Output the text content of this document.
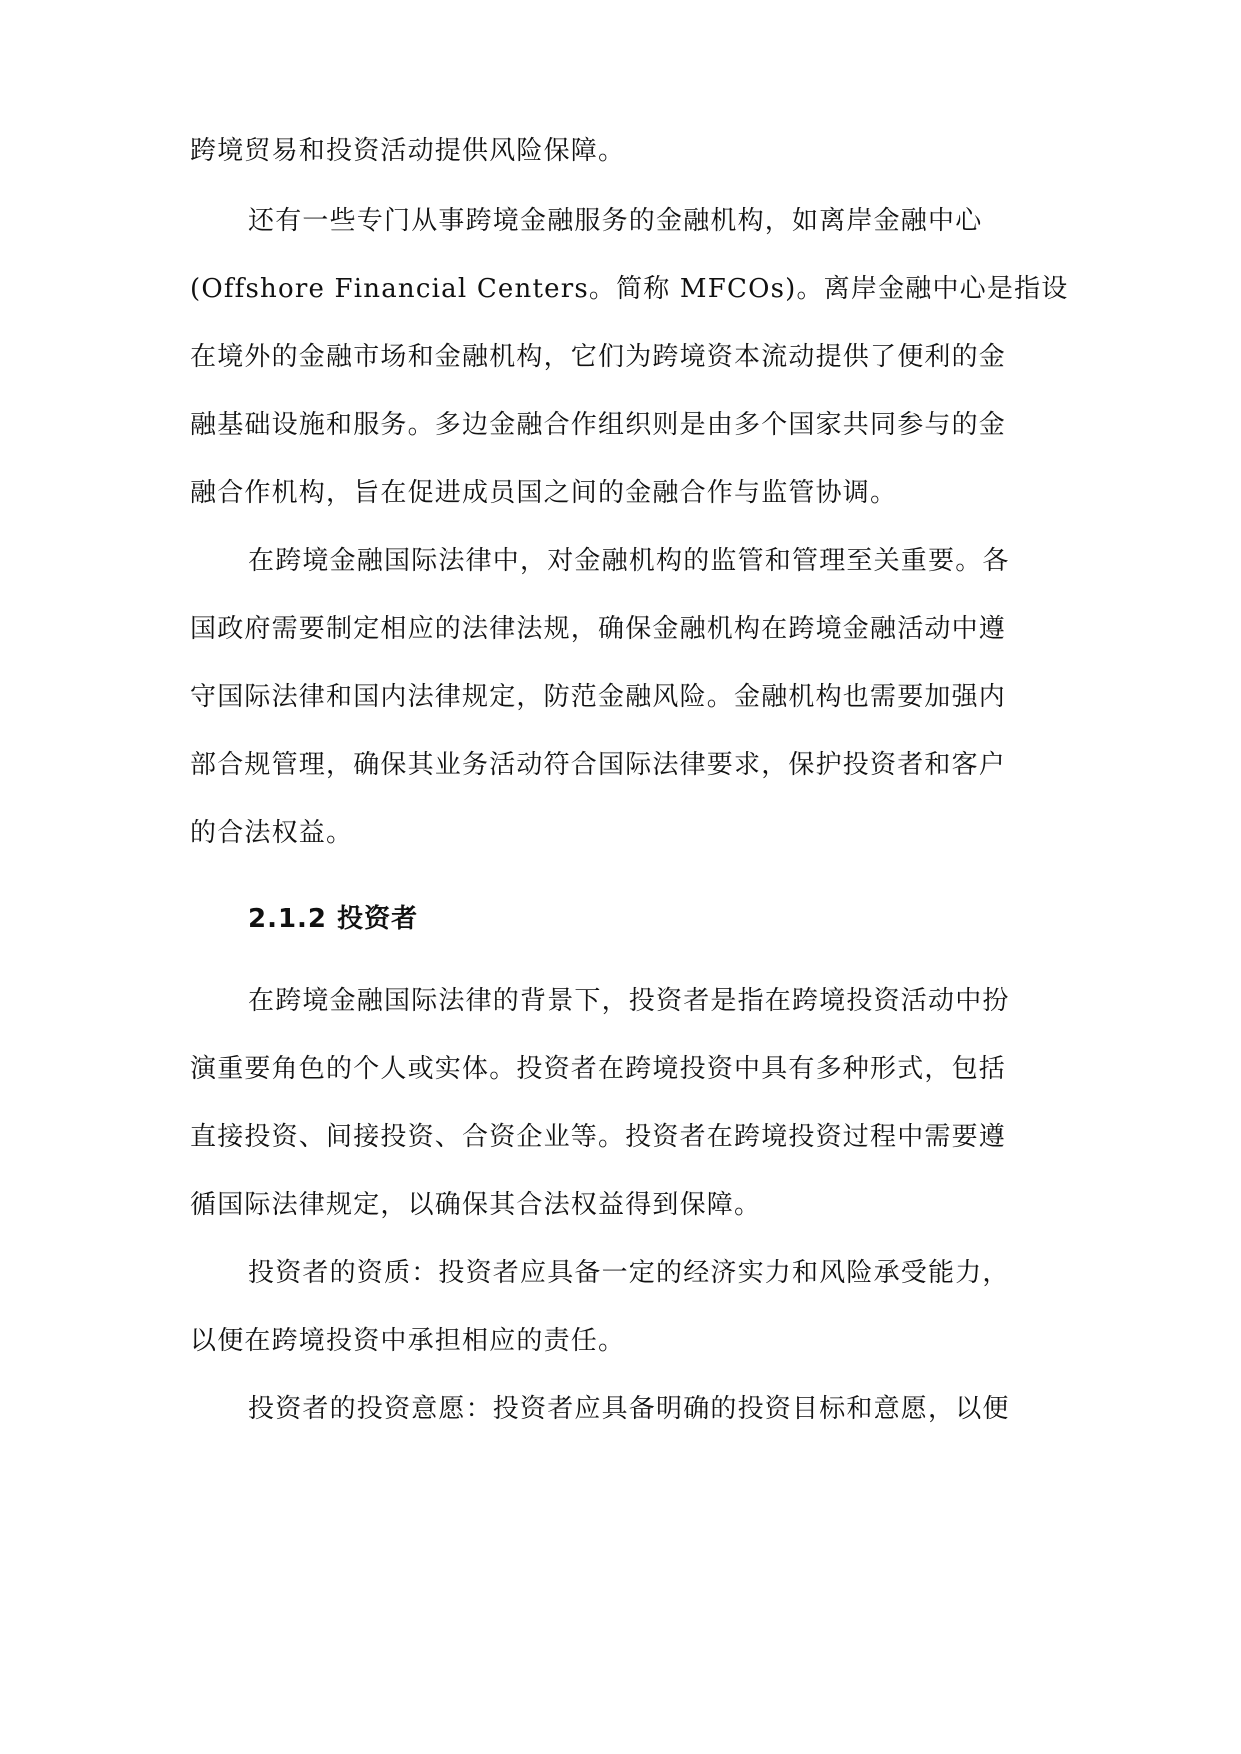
跨境贸易和投资活动提供风险保障。
还有一些专门从事跨境金融服务的金融机构，如离岸金融中心
(Offshore Financial Centers。简称 MFCOs)。离岸金融中心是指设
在境外的金融市场和金融机构，它们为跨境资本流动提供了便利的金
融基础设施和服务。多边金融合作组织则是由多个国家共同参与的金
融合作机构，旨在促进成员国之间的金融合作与监管协调。
在跨境金融国际法律中，对金融机构的监管和管理至关重要。各
国政府需要制定相应的法律法规，确保金融机构在跨境金融活动中遵
守国际法律和国内法律规定，防范金融风险。金融机构也需要加强内
部合规管理，确保其业务活动符合国际法律要求，保护投资者和客户
的合法权益。
2.1.2 投资者
在跨境金融国际法律的背景下，投资者是指在跨境投资活动中扮
演重要角色的个人或实体。投资者在跨境投资中具有多种形式，包括
直接投资、间接投资、合资企业等。投资者在跨境投资过程中需要遵
循国际法律规定，以确保其合法权益得到保障。
投资者的资质：投资者应具备一定的经济实力和风险承受能力，
以便在跨境投资中承担相应的责任。
投资者的投资意愿：投资者应具备明确的投资目标和意愿，以便
